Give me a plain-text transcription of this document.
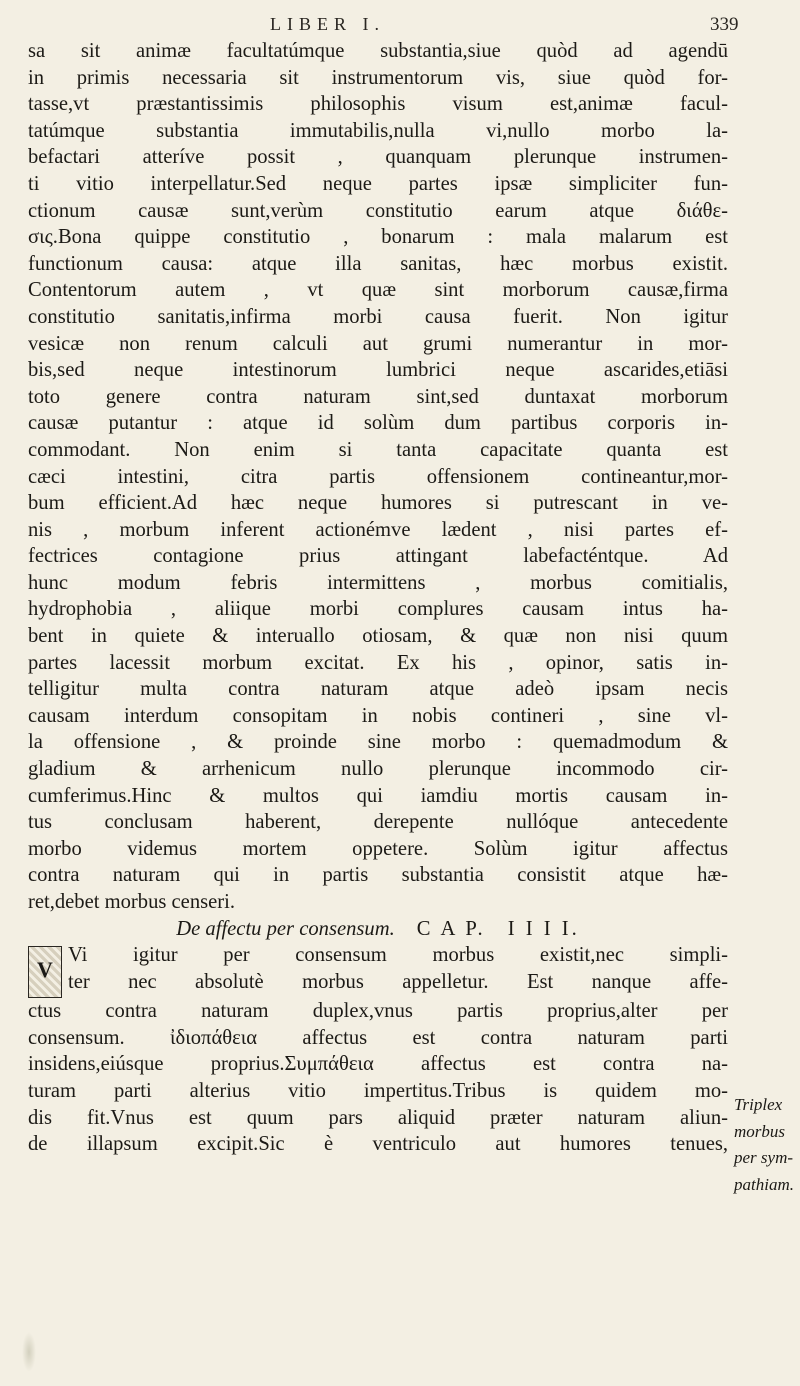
LIBER I.	339
sa sit animæ facultatúmque substantia,siue quòd ad agendū
in primis necessaria sit instrumentorum vis, siue quòd for-
tasse,vt præstantissimis philosophis visum est,animæ facul-
tatúmque substantia immutabilis,nulla vi,nullo morbo la-
befactari atteríve possit , quanquam plerunque instrumen-
ti vitio interpellatur.Sed neque partes ipsæ simpliciter fun-
ctionum causæ sunt,verùm constitutio earum atque διάθε-
σις.Bona quippe constitutio , bonarum : mala malarum est
functionum causa: atque illa sanitas, hæc morbus existit.
Contentorum autem , vt quæ sint morborum causæ,firma
constitutio sanitatis,infirma morbi causa fuerit. Non igitur
vesicæ non renum calculi aut grumi numerantur in mor-
bis,sed neque intestinorum lumbrici neque ascarides,etiāsi
toto genere contra naturam sint,sed duntaxat morborum
causæ putantur : atque id solùm dum partibus corporis in-
commodant. Non enim si tanta capacitate quanta est
cæci intestini, citra partis offensionem contineantur,mor-
bum efficient.Ad hæc neque humores si putrescant in ve-
nis , morbum inferent actionémve lædent , nisi partes ef-
fectrices contagione prius attingant labefacténtque. Ad
hunc modum febris intermittens , morbus comitialis,
hydrophobia , aliique morbi complures causam intus ha-
bent in quiete & interuallo otiosam, & quæ non nisi quum
partes lacessit morbum excitat. Ex his , opinor, satis in-
telligitur multa contra naturam atque adeò ipsam necis
causam interdum consopitam in nobis contineri , sine vl-
la offensione , & proinde sine morbo : quemadmodum &
gladium & arrhenicum nullo plerunque incommodo cir-
cumferimus.Hinc & multos qui iamdiu mortis causam in-
tus conclusam haberent, derepente nullóque antecedente
morbo videmus mortem oppetere. Solùm igitur affectus
contra naturam qui in partis substantia consistit atque hæ-
ret,debet morbus censeri.
De affectu per consensum. C A P. I I I I.
V
Vi igitur per consensum morbus existit,nec simpli-
ter nec absolutè morbus appelletur. Est nanque affe-
ctus contra naturam duplex,vnus partis proprius,alter per
consensum. ἰδιοπάθεια affectus est contra naturam parti
insidens,eiúsque proprius.Συμπάθεια affectus est contra na-
turam parti alterius vitio impertitus.Tribus is quidem mo-
dis fit.Vnus est quum pars aliquid præter naturam aliun-
de illapsum excipit.Sic è ventriculo aut humores tenues,
Triplex
morbus
per sym-
pathiam.
